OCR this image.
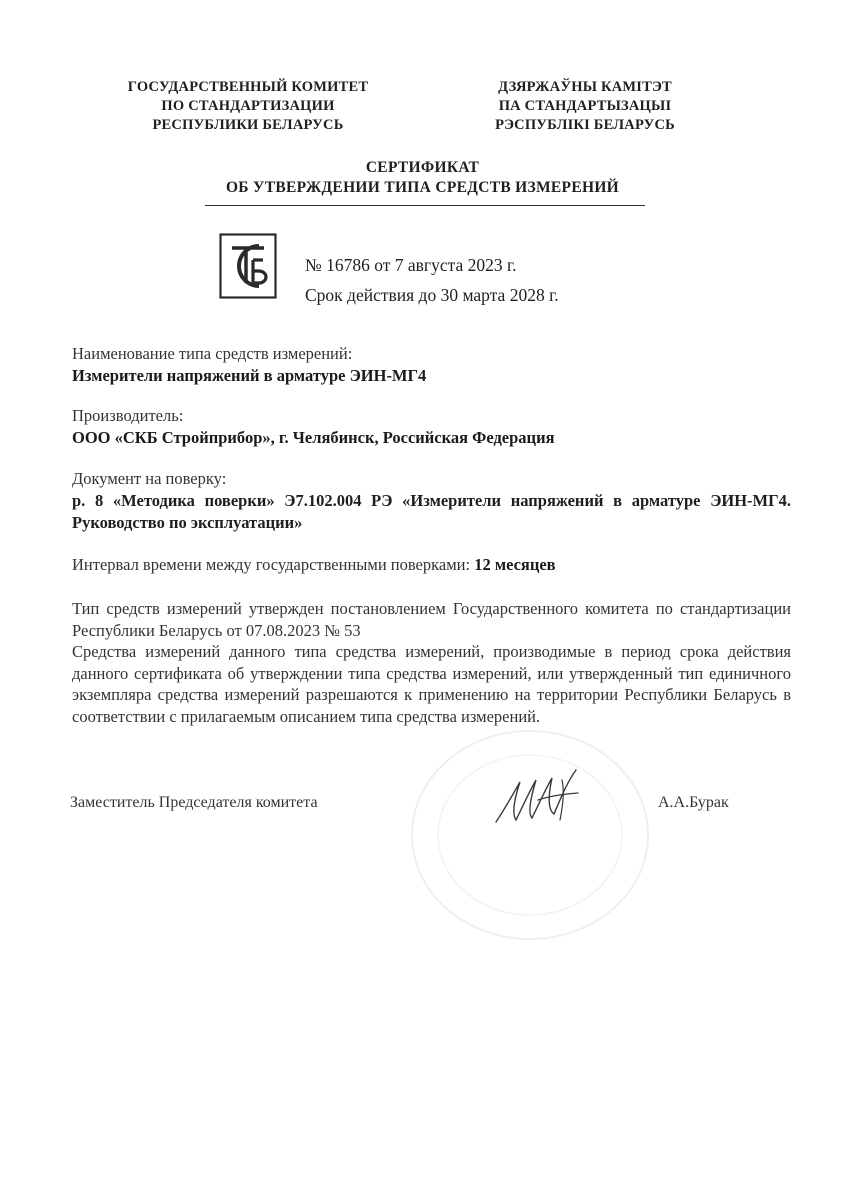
ГОСУДАРСТВЕННЫЙ КОМИТЕТ
ПО СТАНДАРТИЗАЦИИ
РЕСПУБЛИКИ БЕЛАРУСЬ
ДЗЯРЖАЎНЫ КАМІТЭТ
ПА СТАНДАРТЫЗАЦЫІ
РЭСПУБЛІКІ БЕЛАРУСЬ
СЕРТИФИКАТ
ОБ УТВЕРЖДЕНИИ ТИПА СРЕДСТВ ИЗМЕРЕНИЙ
№ 16786 от 7 августа 2023 г.
Срок действия до 30 марта 2028 г.
Наименование типа средств измерений:
Измерители напряжений в арматуре ЭИН-МГ4
Производитель:
ООО «СКБ Стройприбор», г. Челябинск, Российская Федерация
Документ на поверку:
р. 8 «Методика поверки» Э7.102.004 РЭ «Измерители напряжений в арматуре ЭИН-МГ4. Руководство по эксплуатации»
Интервал времени между государственными поверками: 12 месяцев
Тип средств измерений утвержден постановлением Государственного комитета по стандартизации Республики Беларусь от 07.08.2023 № 53
Средства измерений данного типа средства измерений, производимые в период срока действия данного сертификата об утверждении типа средства измерений, или утвержденный тип единичного экземпляра средства измерений разрешаются к применению на территории Республики Беларусь в соответствии с прилагаемым описанием типа средства измерений.
Заместитель Председателя комитета	А.А.Бурак
